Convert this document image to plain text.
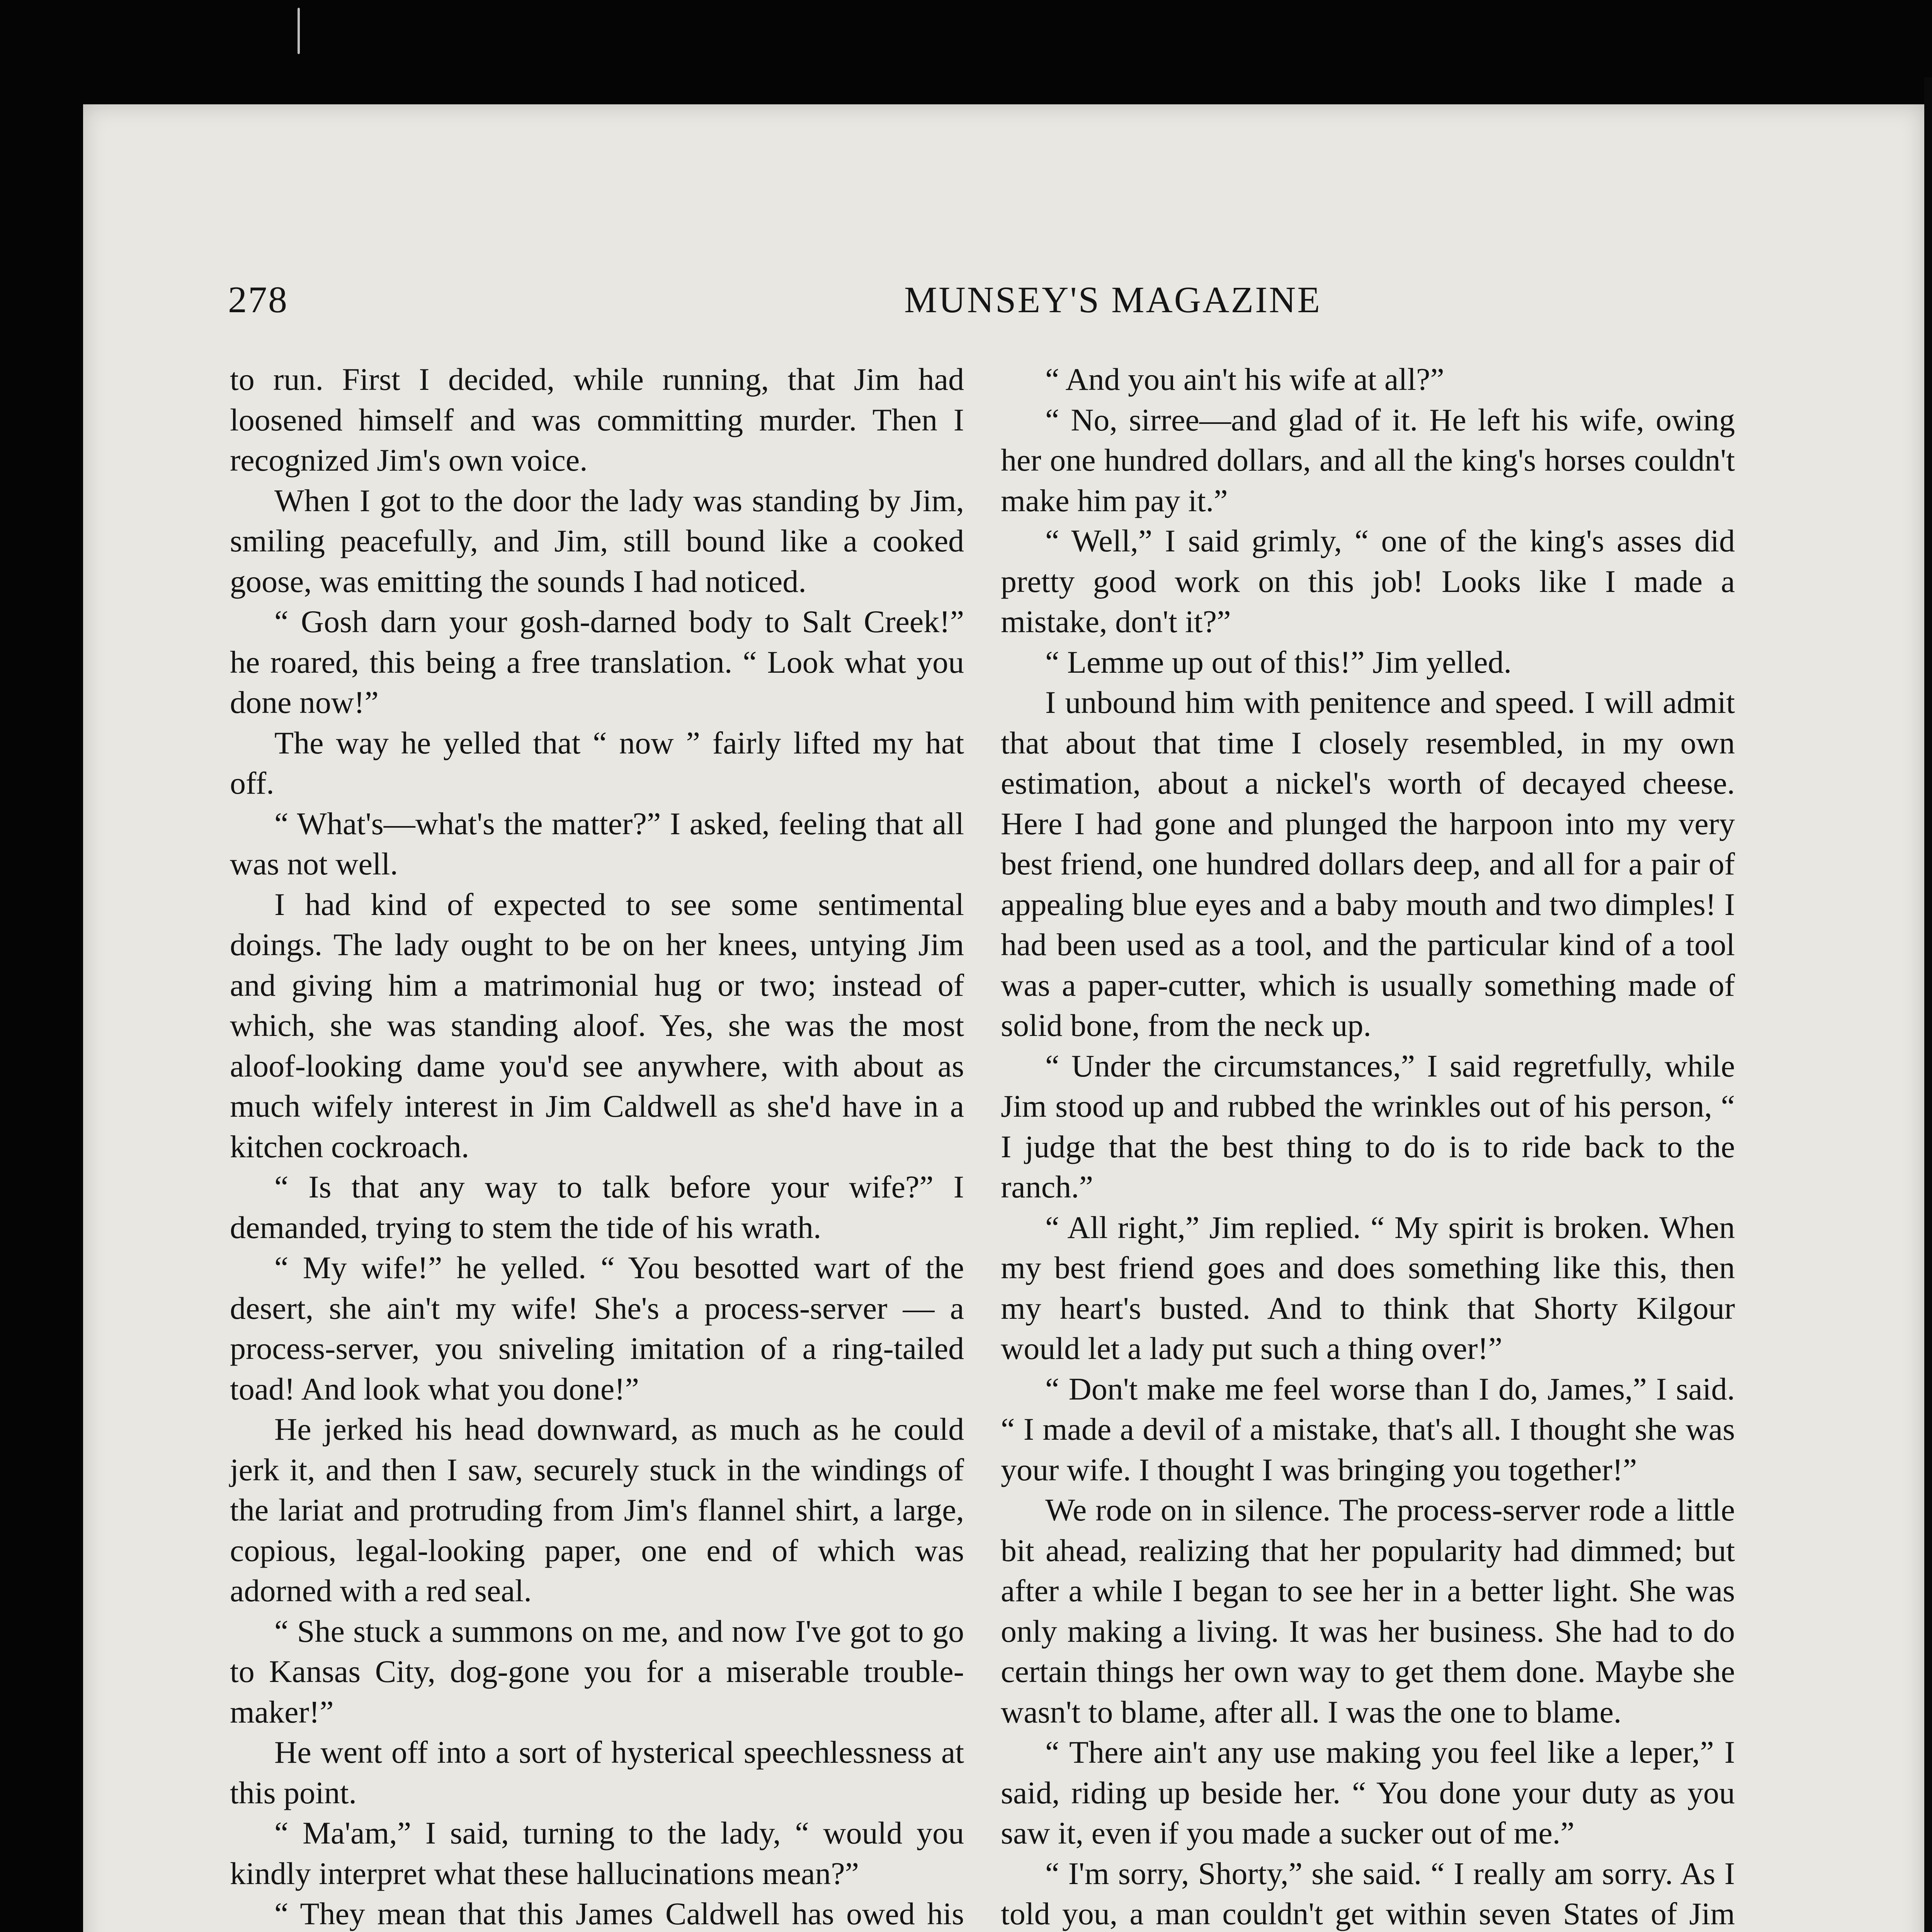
278	MUNSEY'S MAGAZINE

to run. First I decided, while running, that Jim had loosened himself and was committing murder. Then I recognized Jim's own voice.

When I got to the door the lady was standing by Jim, smiling peacefully, and Jim, still bound like a cooked goose, was emitting the sounds I had noticed.

“ Gosh darn your gosh-darned body to Salt Creek!” he roared, this being a free translation. “ Look what you done now!”

The way he yelled that “ now ” fairly lifted my hat off.

“ What's—what's the matter?” I asked, feeling that all was not well.

I had kind of expected to see some sentimental doings. The lady ought to be on her knees, untying Jim and giving him a matrimonial hug or two; instead of which, she was standing aloof. Yes, she was the most aloof-looking dame you'd see anywhere, with about as much wifely interest in Jim Caldwell as she'd have in a kitchen cockroach.

“ Is that any way to talk before your wife?” I demanded, trying to stem the tide of his wrath.

“ My wife!” he yelled. “ You besotted wart of the desert, she ain't my wife! She's a process-server — a process-server, you sniveling imitation of a ring-tailed toad! And look what you done!”

He jerked his head downward, as much as he could jerk it, and then I saw, securely stuck in the windings of the lariat and protruding from Jim's flannel shirt, a large, copious, legal-looking paper, one end of which was adorned with a red seal.

“ She stuck a summons on me, and now I've got to go to Kansas City, dog-gone you for a miserable trouble-maker!”

He went off into a sort of hysterical speechlessness at this point.

“ Ma'am,” I said, turning to the lady, “ would you kindly interpret what these hallucinations mean?”

“ They mean that this James Caldwell has owed his

“ And you ain't his wife at all?”

“ No, sirree—and glad of it. He left his wife, owing her one hundred dollars, and all the king's horses couldn't make him pay it.”

“ Well,” I said grimly, “ one of the king's asses did pretty good work on this job! Looks like I made a mistake, don't it?”

“ Lemme up out of this!” Jim yelled.

I unbound him with penitence and speed. I will admit that about that time I closely resembled, in my own estimation, about a nickel's worth of decayed cheese. Here I had gone and plunged the harpoon into my very best friend, one hundred dollars deep, and all for a pair of appealing blue eyes and a baby mouth and two dimples! I had been used as a tool, and the particular kind of a tool was a paper-cutter, which is usually something made of solid bone, from the neck up.

“ Under the circumstances,” I said regretfully, while Jim stood up and rubbed the wrinkles out of his person, “ I judge that the best thing to do is to ride back to the ranch.”

“ All right,” Jim replied. “ My spirit is broken. When my best friend goes and does something like this, then my heart's busted. And to think that Shorty Kilgour would let a lady put such a thing over!”

“ Don't make me feel worse than I do, James,” I said. “ I made a devil of a mistake, that's all. I thought she was your wife. I thought I was bringing you together!”

We rode on in silence. The process-server rode a little bit ahead, realizing that her popularity had dimmed; but after a while I began to see her in a better light. She was only making a living. It was her business. She had to do certain things her own way to get them done. Maybe she wasn't to blame, after all. I was the one to blame.

“ There ain't any use making you feel like a leper,” I said, riding up beside her. “ You done your duty as you saw it, even if you made a sucker out of me.”

“ I'm sorry, Shorty,” she said. “ I really am sorry. As I told you, a man couldn't get within seven States of Jim
